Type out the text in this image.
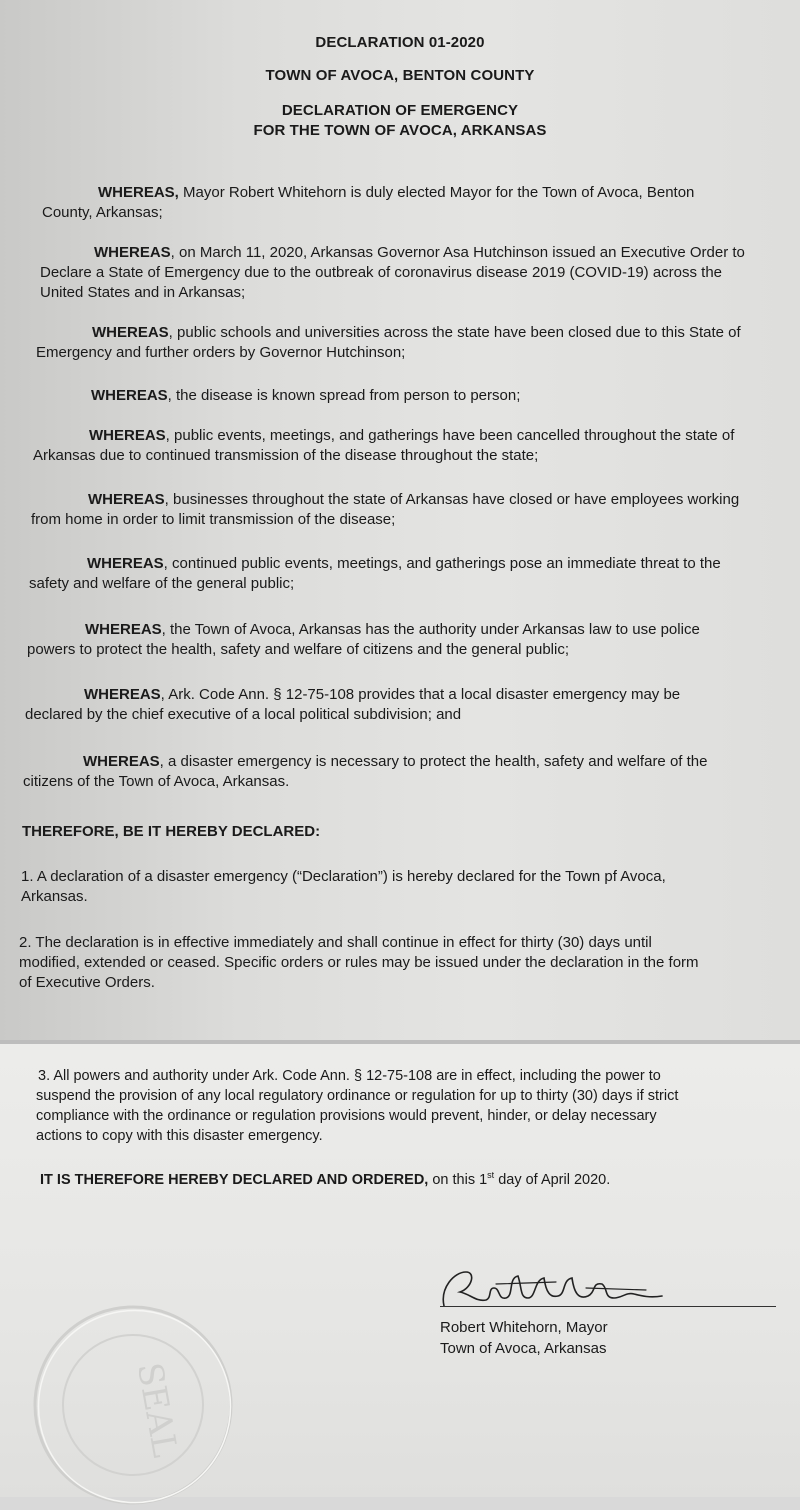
DECLARATION 01-2020
TOWN OF AVOCA, BENTON COUNTY
DECLARATION OF EMERGENCY
FOR THE TOWN OF AVOCA, ARKANSAS
WHEREAS, Mayor Robert Whitehorn is duly elected Mayor for the Town of Avoca, Benton
County, Arkansas;
WHEREAS, on March 11, 2020, Arkansas Governor Asa Hutchinson issued an Executive Order to
Declare a State of Emergency due to the outbreak of coronavirus disease 2019 (COVID-19) across the
United States and in Arkansas;
WHEREAS, public schools and universities across the state have been closed due to this State of
Emergency and further orders by Governor Hutchinson;
WHEREAS, the disease is known spread from person to person;
WHEREAS, public events, meetings, and gatherings have been cancelled throughout the state of
Arkansas due to continued transmission of the disease throughout the state;
WHEREAS, businesses throughout the state of Arkansas have closed or have employees working
from home in order to limit transmission of the disease;
WHEREAS, continued public events, meetings, and gatherings pose an immediate threat to the
safety and welfare of the general public;
WHEREAS, the Town of Avoca, Arkansas has the authority under Arkansas law to use police
powers to protect the health, safety and welfare of citizens and the general public;
WHEREAS, Ark. Code Ann. § 12-75-108 provides that a local disaster emergency may be
declared by the chief executive of a local political subdivision; and
WHEREAS, a disaster emergency is necessary to protect the health, safety and welfare of the
citizens of the Town of Avoca, Arkansas.
THEREFORE, BE IT HEREBY DECLARED:
1. A declaration of a disaster emergency (“Declaration”) is hereby declared for the Town pf Avoca,
Arkansas.
2. The declaration is in effective immediately and shall continue in effect for thirty (30) days until
modified, extended or ceased. Specific orders or rules may be issued under the declaration in the form
of Executive Orders.
3. All powers and authority under Ark. Code Ann. § 12-75-108 are in effect, including the power to
suspend the provision of any local regulatory ordinance or regulation for up to thirty (30) days if strict
compliance with the ordinance or regulation provisions would prevent, hinder, or delay necessary
actions to copy with this disaster emergency.
IT IS THEREFORE HEREBY DECLARED AND ORDERED, on this 1st day of April 2020.
Robert Whitehorn, Mayor
Town of Avoca, Arkansas
SEAL
